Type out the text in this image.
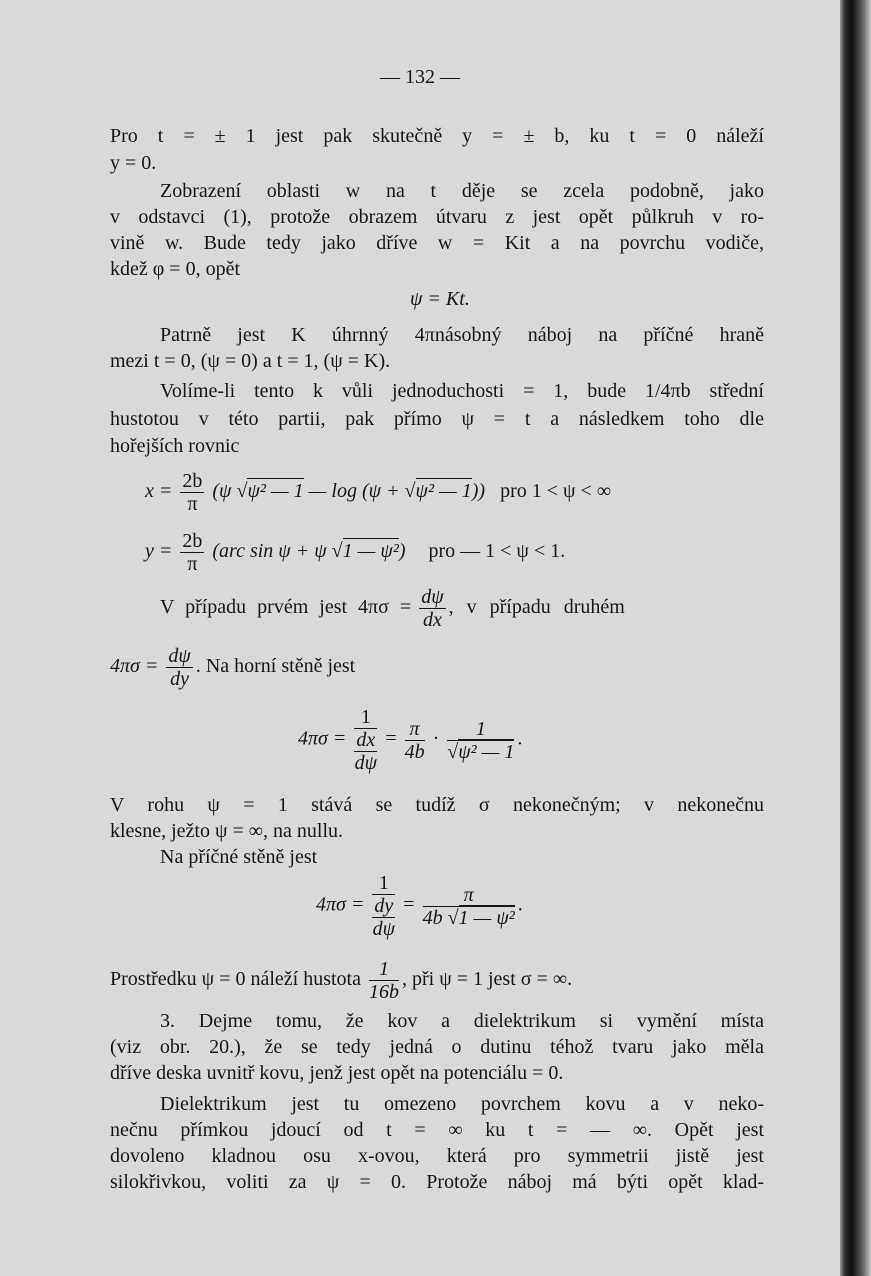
— 132 —
Pro t = ± 1 jest pak skutečně y = ± b, ku t = 0 náleží
y = 0.
Zobrazení oblasti w na t děje se zcela podobně, jako
v odstavci (1), protože obrazem útvaru z jest opět půlkruh v ro-
vině w. Bude tedy jako dříve w = Kit a na povrchu vodiče,
kdež φ = 0, opět
ψ = Kt.
Patrně jest K úhrnný 4πnásobný náboj na příčné hraně
mezi t = 0, (ψ = 0) a t = 1, (ψ = K).
Volíme-li tento k vůli jednoduchosti = 1, bude 1/4πb střední
hustotou v této partii, pak přímo ψ = t a následkem toho dle
hořejších rovnic
$x = \frac{2b}{\pi} (\psi$ √ψ² — 1 — log (ψ + √ψ² — 1)) pro 1 < ψ < ∞
$y = \frac{2b}{\pi} (arc$ sin ψ + ψ √1 — ψ²) pro — 1 < ψ < 1.
V případu prvém jest $4\pi\sigma = \frac{d\psi}{dx}$ , v případu druhém
$4\pi\sigma = \frac{d\psi}{dy}$ . Na horní stěně jest
$4\pi\sigma = \frac{1}{\frac{dx}{d\psi}} = \frac{\pi}{4b} \cdot \frac{1}{\text{√ψ² — 1}}$ .
V rohu ψ = 1 stává se tudíž σ nekonečným; v nekonečnu
klesne, ježto ψ = ∞, na nullu.
Na příčné stěně jest
$4\pi\sigma = \frac{1}{\frac{dy}{d\psi}} = \frac{\pi}{\text{4b √1 — ψ²}}$ .
Prostředku ψ = 0 náleží hustota $\frac{1}{16b}$ , při ψ = 1 jest σ = ∞.
3. Dejme tomu, že kov a dielektrikum si vymění místa
(viz obr. 20.), že se tedy jedná o dutinu téhož tvaru jako měla
dříve deska uvnitř kovu, jenž jest opět na potenciálu = 0.
Dielektrikum jest tu omezeno povrchem kovu a v neko-
nečnu přímkou jdoucí od t = ∞ ku t = — ∞. Opět jest
dovoleno kladnou osu x-ovou, která pro symmetrii jistě jest
silokřivkou, voliti za ψ = 0. Protože náboj má býti opět klad-
